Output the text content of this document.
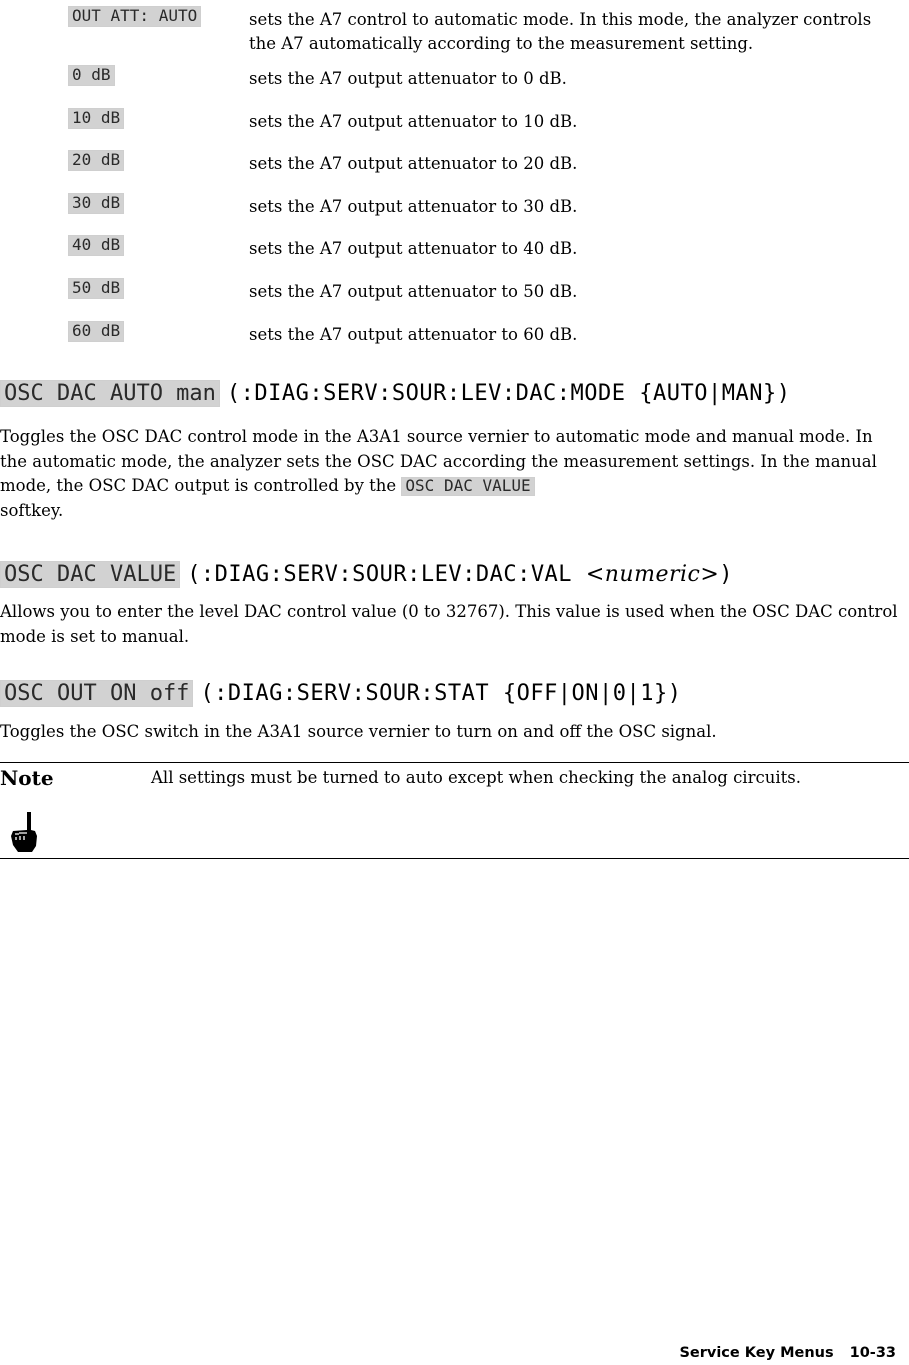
OUT ATT: AUTO	sets the A7 control to automatic mode. In this mode, the analyzer controls the A7 automatically according to the measurement setting.
0 dB	sets the A7 output attenuator to 0 dB.
10 dB	sets the A7 output attenuator to 10 dB.
20 dB	sets the A7 output attenuator to 20 dB.
30 dB	sets the A7 output attenuator to 30 dB.
40 dB	sets the A7 output attenuator to 40 dB.
50 dB	sets the A7 output attenuator to 50 dB.
60 dB	sets the A7 output attenuator to 60 dB.
OSC DAC AUTO man (:DIAG:SERV:SOUR:LEV:DAC:MODE {AUTO|MAN})

Toggles the OSC DAC control mode in the A3A1 source vernier to automatic mode and manual mode. In the automatic mode, the analyzer sets the OSC DAC according the measurement settings. In the manual mode, the OSC DAC output is controlled by the OSC DAC VALUE
softkey.

OSC DAC VALUE (:DIAG:SERV:SOUR:LEV:DAC:VAL <numeric>)

Allows you to enter the level DAC control value (0 to 32767). This value is used when the OSC DAC control mode is set to manual.

OSC OUT ON off (:DIAG:SERV:SOUR:STAT {OFF|ON|0|1})

Toggles the OSC switch in the A3A1 source vernier to turn on and off the OSC signal.

Note	All settings must be turned to auto except when checking the analog circuits.
Service Key Menus 10-33
